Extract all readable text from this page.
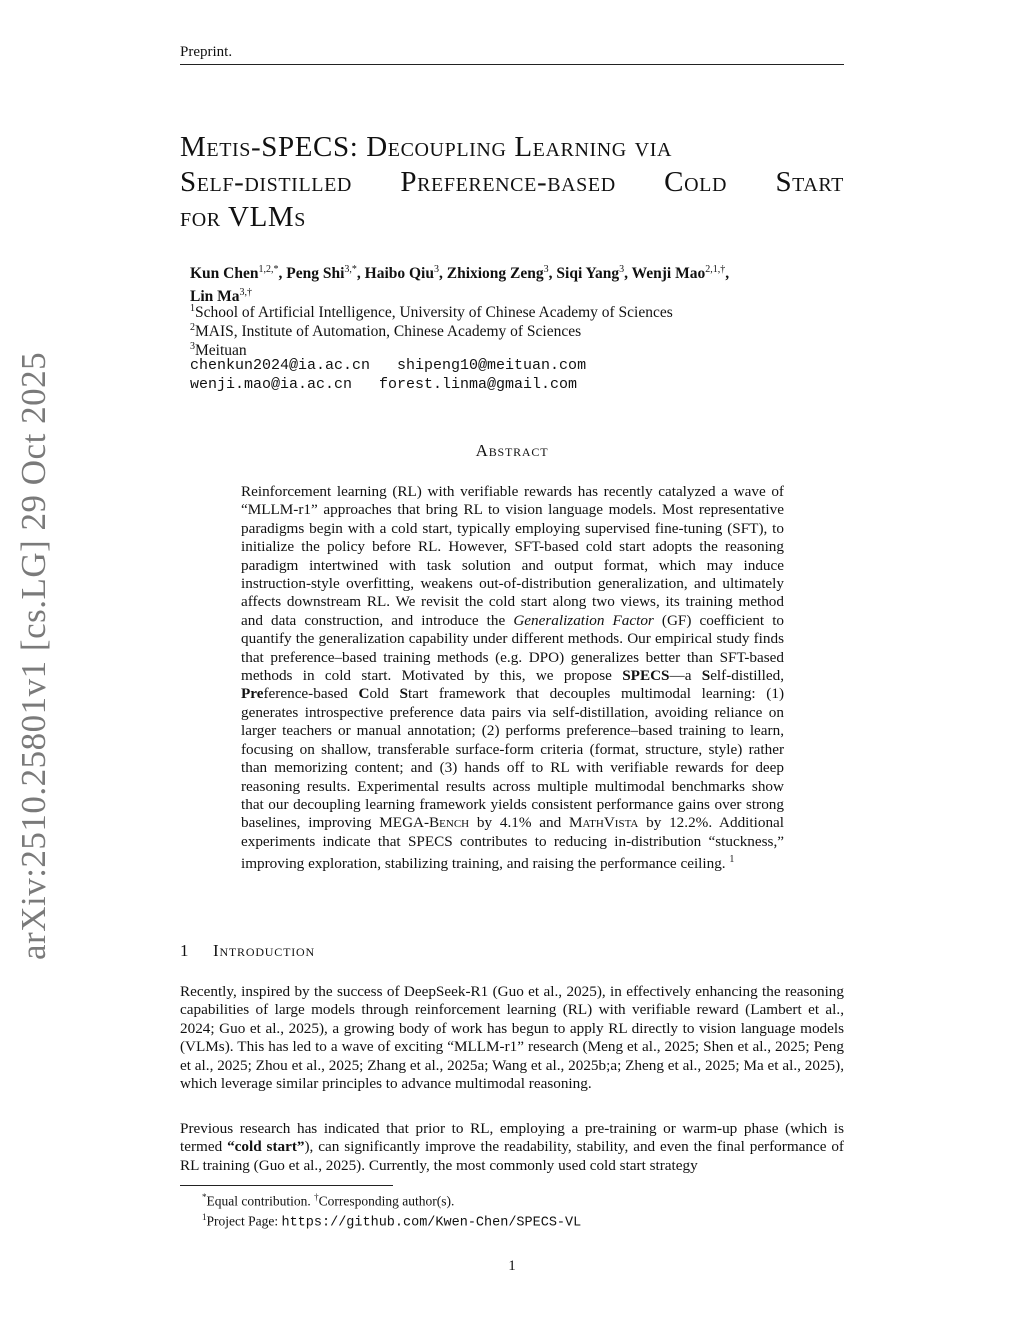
Preprint.
arXiv:2510.25801v1 [cs.LG] 29 Oct 2025
Metis-SPECS: Decoupling Learning via
Self-distilled Preference-based Cold Start
for VLMs
Kun Chen$^{1,2,*}$, Peng Shi$^{3,*}$, Haibo Qiu$^3$, Zhixiong Zeng$^3$, Siqi Yang$^3$, Wenji Mao$^{2,1,\dagger}$,
Lin $Ma^{3,\dagger}$
$^1$School of Artificial Intelligence, University of Chinese Academy of Sciences
$^2$MAIS, Institute of Automation, Chinese Academy of Sciences
$^3$Meituan
chenkun2024@ia.ac.cn   shipeng10@meituan.com
wenji.mao@ia.ac.cn   forest.linma@gmail.com
Abstract
Reinforcement learning (RL) with verifiable rewards has recently catalyzed a wave of “MLLM-r1” approaches that bring RL to vision language models. Most representative paradigms begin with a cold start, typically employing supervised fine-tuning (SFT), to initialize the policy before RL. However, SFT-based cold start adopts the reasoning paradigm intertwined with task solution and output format, which may induce instruction-style overfitting, weakens out-of-distribution generalization, and ultimately affects downstream RL. We revisit the cold start along two views, its training method and data construction, and introduce the Generalization Factor (GF) coefficient to quantify the generalization capability under different methods. Our empirical study finds that preference–based training methods (e.g. DPO) generalizes better than SFT-based methods in cold start. Motivated by this, we propose SPECS—a Self-distilled, Preference-based Cold Start framework that decouples multimodal learning: (1) generates introspective preference data pairs via self-distillation, avoiding reliance on larger teachers or manual annotation; (2) performs preference–based training to learn, focusing on shallow, transferable surface-form criteria (format, structure, style) rather than memorizing content; and (3) hands off to RL with verifiable rewards for deep reasoning results. Experimental results across multiple multimodal benchmarks show that our decoupling learning framework yields consistent performance gains over strong baselines, improving MEGA-Bench by 4.1% and MathVista by 12.2%. Additional experiments indicate that SPECS contributes to reducing in-distribution “stuckness,” improving exploration, stabilizing training, and raising the performance ceiling. $^1$
1 Introduction
Recently, inspired by the success of DeepSeek-R1 (Guo et al., 2025), in effectively enhancing the reasoning capabilities of large models through reinforcement learning (RL) with verifiable reward (Lambert et al., 2024; Guo et al., 2025), a growing body of work has begun to apply RL directly to vision language models (VLMs). This has led to a wave of exciting “MLLM-r1” research (Meng et al., 2025; Shen et al., 2025; Peng et al., 2025; Zhou et al., 2025; Zhang et al., 2025a; Wang et al., 2025b;a; Zheng et al., 2025; Ma et al., 2025), which leverage similar principles to advance multimodal reasoning.
Previous research has indicated that prior to RL, employing a pre-training or warm-up phase (which is termed “cold start”), can significantly improve the readability, stability, and even the final performance of RL training (Guo et al., 2025). Currently, the most commonly used cold start strategy
*Equal contribution. †Corresponding author(s).
$^1$Project Page: https://github.com/Kwen-Chen/SPECS-VL
1
